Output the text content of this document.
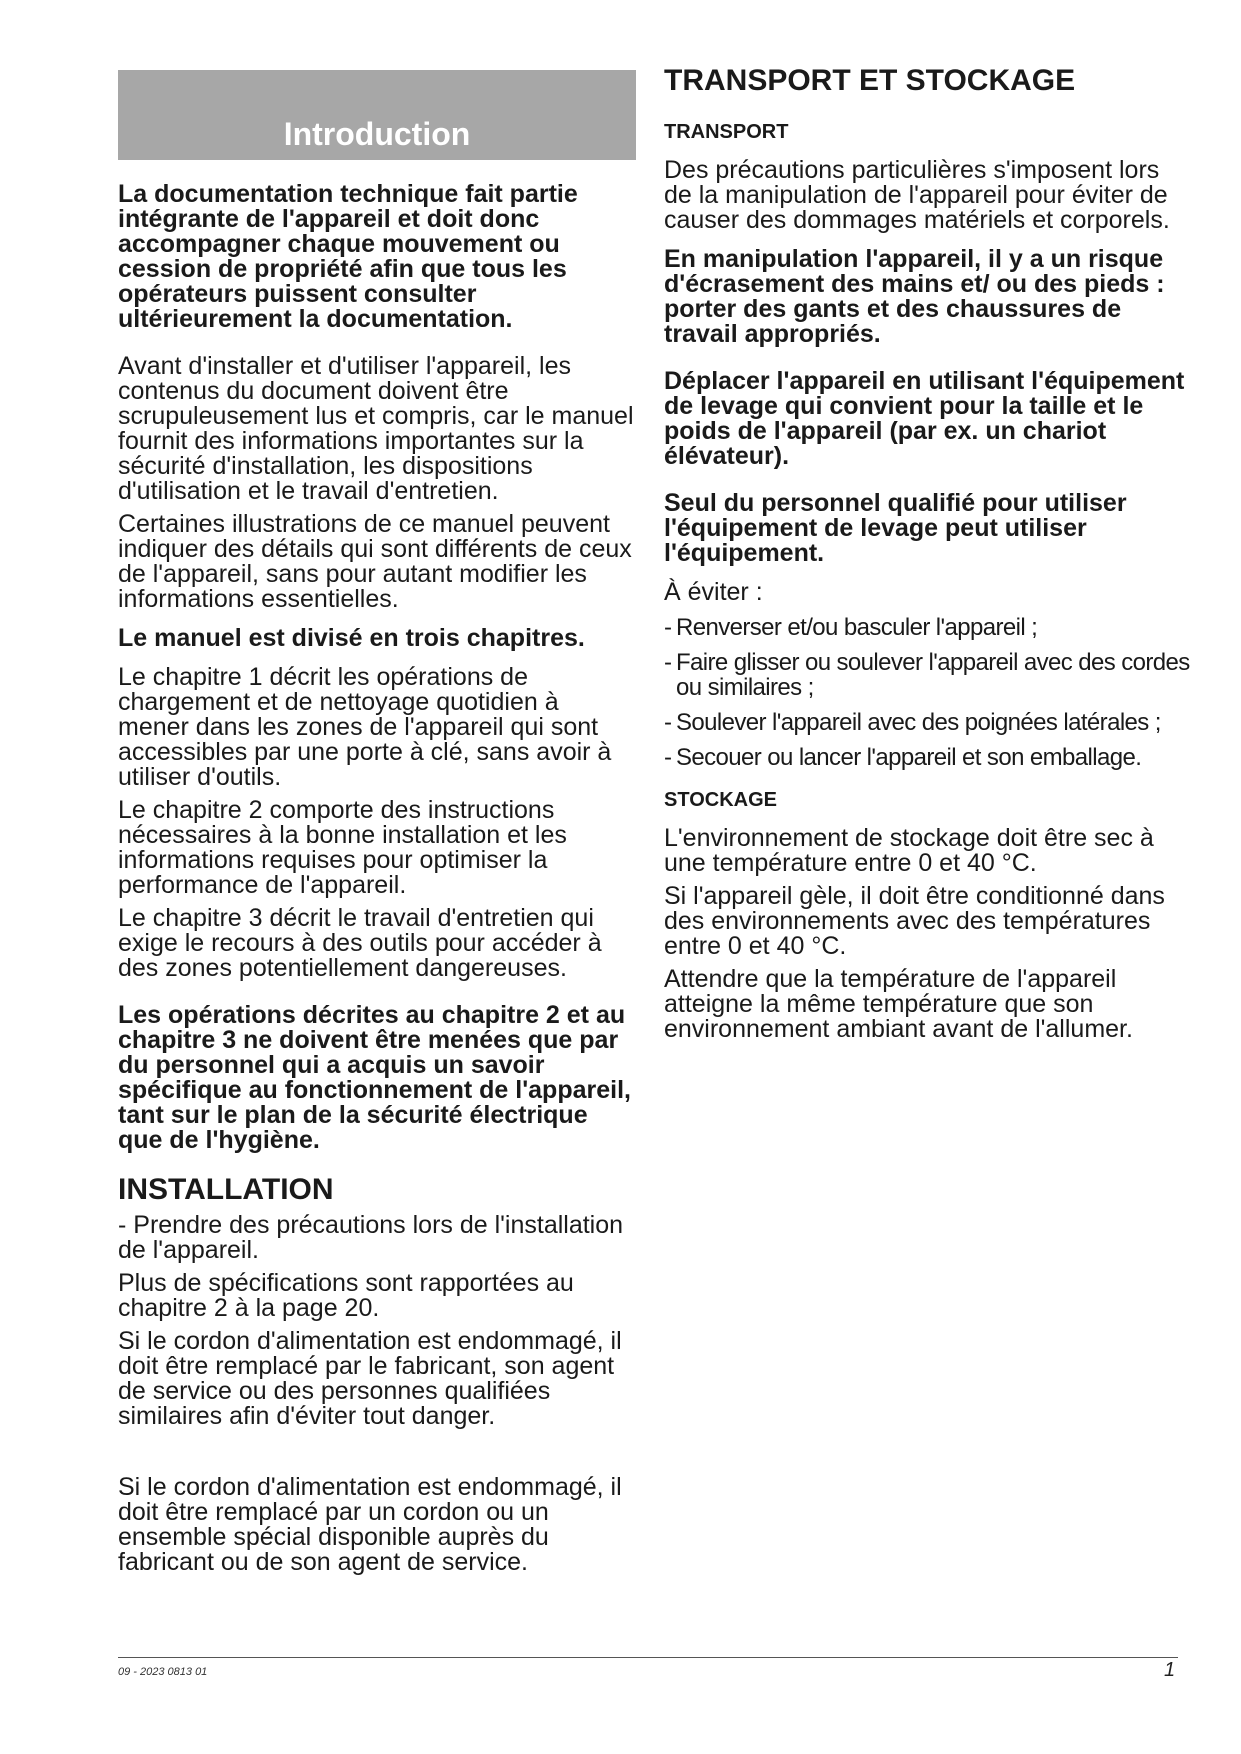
Introduction

La documentation technique fait partie intégrante de l'appareil et doit donc accompagner chaque mouvement ou cession de propriété afin que tous les opérateurs puissent consulter ultérieurement la documentation.

Avant d'installer et d'utiliser l'appareil, les contenus du document doivent être scrupuleusement lus et compris, car le manuel fournit des informations importantes sur la sécurité d'installation, les dispositions d'utilisation et le travail d'entretien.

Certaines illustrations de ce manuel peuvent indiquer des détails qui sont différents de ceux de l'appareil, sans pour autant modifier les informations essentielles.

Le manuel est divisé en trois chapitres.

Le chapitre 1 décrit les opérations de chargement et de nettoyage quotidien à mener dans les zones de l'appareil qui sont accessibles par une porte à clé, sans avoir à utiliser d'outils.

Le chapitre 2 comporte des instructions nécessaires à la bonne installation et les informations requises pour optimiser la performance de l'appareil.

Le chapitre 3 décrit le travail d'entretien qui exige le recours à des outils pour accéder à des zones potentiellement dangereuses.

Les opérations décrites au chapitre 2 et au chapitre 3 ne doivent être menées que par du personnel qui a acquis un savoir spécifique au fonctionnement de l'appareil, tant sur le plan de la sécurité électrique que de l'hygiène.

INSTALLATION

- Prendre des précautions lors de l'installation de l'appareil.

Plus de spécifications sont rapportées au chapitre 2 à la page 20.

Si le cordon d'alimentation est endommagé, il doit être remplacé par le fabricant, son agent de service ou des personnes qualifiées similaires afin d'éviter tout danger.

Si le cordon d'alimentation est endommagé, il doit être remplacé par un cordon ou un ensemble spécial disponible auprès du fabricant ou de son agent de service.

TRANSPORT ET STOCKAGE
TRANSPORT

Des précautions particulières s'imposent lors de la manipulation de l'appareil pour éviter de causer des dommages matériels et corporels.

En manipulation l'appareil, il y a un risque d'écrasement des mains et/ ou des pieds : porter des gants et des chaussures de travail appropriés.

Déplacer l'appareil en utilisant l'équipement de levage qui convient pour la taille et le poids de l'appareil (par ex. un chariot élévateur).

Seul du personnel qualifié pour utiliser l'équipement de levage peut utiliser l'équipement.

À éviter :

- Renverser et/ou basculer l'appareil ;
- Faire glisser ou soulever l'appareil avec des cordes ou similaires ;
- Soulever l'appareil avec des poignées latérales ;
- Secouer ou lancer l'appareil et son emballage.
STOCKAGE

L'environnement de stockage doit être sec à une température entre 0 et 40 °C.

Si l'appareil gèle, il doit être conditionné dans des environnements avec des températures entre 0 et 40 °C.

Attendre que la température de l'appareil atteigne la même température que son environnement ambiant avant de l'allumer.

09 - 2023 0813 01	1
